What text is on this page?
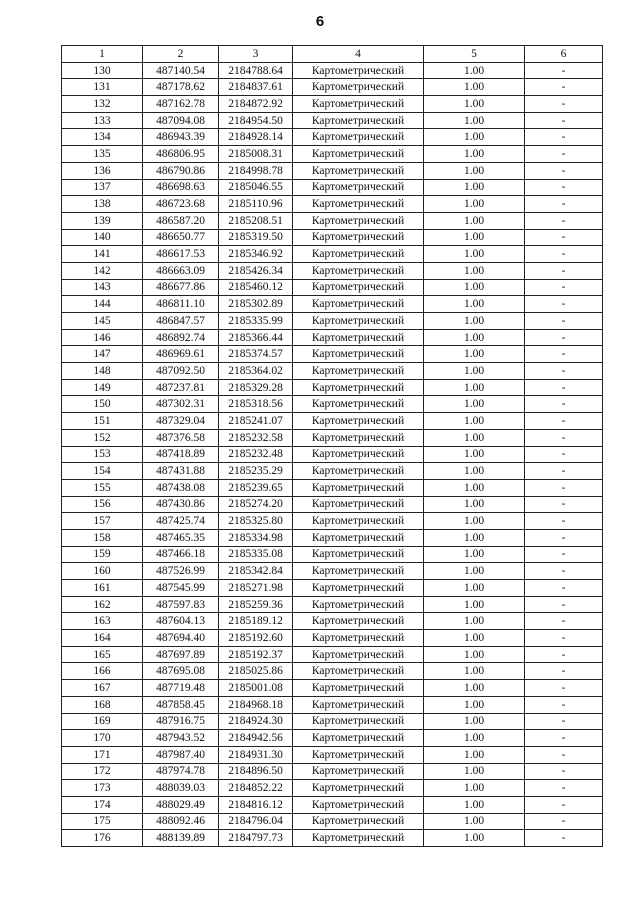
6
1	2	3	4	5	6
130	487140.54	2184788.64	Картометрический	1.00	-
131	487178.62	2184837.61	Картометрический	1.00	-
132	487162.78	2184872.92	Картометрический	1.00	-
133	487094.08	2184954.50	Картометрический	1.00	-
134	486943.39	2184928.14	Картометрический	1.00	-
135	486806.95	2185008.31	Картометрический	1.00	-
136	486790.86	2184998.78	Картометрический	1.00	-
137	486698.63	2185046.55	Картометрический	1.00	-
138	486723.68	2185110.96	Картометрический	1.00	-
139	486587.20	2185208.51	Картометрический	1.00	-
140	486650.77	2185319.50	Картометрический	1.00	-
141	486617.53	2185346.92	Картометрический	1.00	-
142	486663.09	2185426.34	Картометрический	1.00	-
143	486677.86	2185460.12	Картометрический	1.00	-
144	486811.10	2185302.89	Картометрический	1.00	-
145	486847.57	2185335.99	Картометрический	1.00	-
146	486892.74	2185366.44	Картометрический	1.00	-
147	486969.61	2185374.57	Картометрический	1.00	-
148	487092.50	2185364.02	Картометрический	1.00	-
149	487237.81	2185329.28	Картометрический	1.00	-
150	487302.31	2185318.56	Картометрический	1.00	-
151	487329.04	2185241.07	Картометрический	1.00	-
152	487376.58	2185232.58	Картометрический	1.00	-
153	487418.89	2185232.48	Картометрический	1.00	-
154	487431.88	2185235.29	Картометрический	1.00	-
155	487438.08	2185239.65	Картометрический	1.00	-
156	487430.86	2185274.20	Картометрический	1.00	-
157	487425.74	2185325.80	Картометрический	1.00	-
158	487465.35	2185334.98	Картометрический	1.00	-
159	487466.18	2185335.08	Картометрический	1.00	-
160	487526.99	2185342.84	Картометрический	1.00	-
161	487545.99	2185271.98	Картометрический	1.00	-
162	487597.83	2185259.36	Картометрический	1.00	-
163	487604.13	2185189.12	Картометрический	1.00	-
164	487694.40	2185192.60	Картометрический	1.00	-
165	487697.89	2185192.37	Картометрический	1.00	-
166	487695.08	2185025.86	Картометрический	1.00	-
167	487719.48	2185001.08	Картометрический	1.00	-
168	487858.45	2184968.18	Картометрический	1.00	-
169	487916.75	2184924.30	Картометрический	1.00	-
170	487943.52	2184942.56	Картометрический	1.00	-
171	487987.40	2184931.30	Картометрический	1.00	-
172	487974.78	2184896.50	Картометрический	1.00	-
173	488039.03	2184852.22	Картометрический	1.00	-
174	488029.49	2184816.12	Картометрический	1.00	-
175	488092.46	2184796.04	Картометрический	1.00	-
176	488139.89	2184797.73	Картометрический	1.00	-
